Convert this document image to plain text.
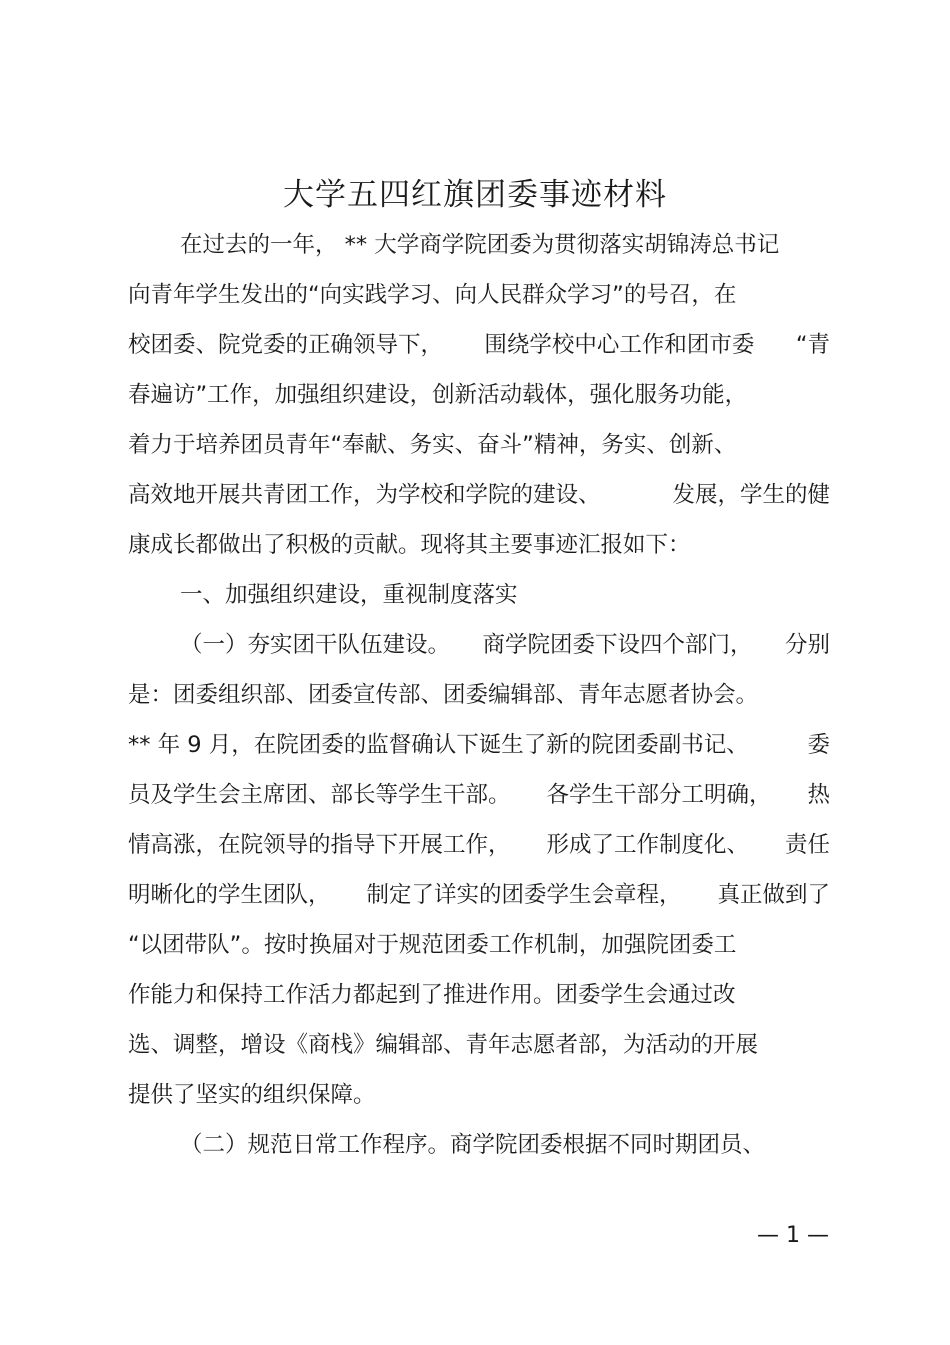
大学五四红旗团委事迹材料
在过去的一年， ** 大学商学院团委为贯彻落实胡锦涛总书记
向青年学生发出的“向实践学习、向人民群众学习”的号召，在
校团委、院党委的正确领导下， 围绕学校中心工作和团市委 “青
春遍访”工作，加强组织建设，创新活动载体，强化服务功能，
着力于培养团员青年“奉献、务实、奋斗”精神，务实、创新、
高效地开展共青团工作，为学校和学院的建设、	发展，学生的健
康成长都做出了积极的贡献。现将其主要事迹汇报如下：
一、加强组织建设，重视制度落实
（一）夯实团干队伍建设。 商学院团委下设四个部门， 分别
是：团委组织部、团委宣传部、团委编辑部、青年志愿者协会。
** 年 9 月，在院团委的监督确认下诞生了新的院团委副书记、	委
员及学生会主席团、部长等学生干部。 各学生干部分工明确， 热
情高涨，在院领导的指导下开展工作， 形成了工作制度化、 责任
明晰化的学生团队， 制定了详实的团委学生会章程， 真正做到了
“以团带队”。按时换届对于规范团委工作机制，加强院团委工
作能力和保持工作活力都起到了推进作用。团委学生会通过改
选、调整，增设《商栈》编辑部、青年志愿者部，为活动的开展
提供了坚实的组织保障。
（二）规范日常工作程序。商学院团委根据不同时期团员、
— 1 —
